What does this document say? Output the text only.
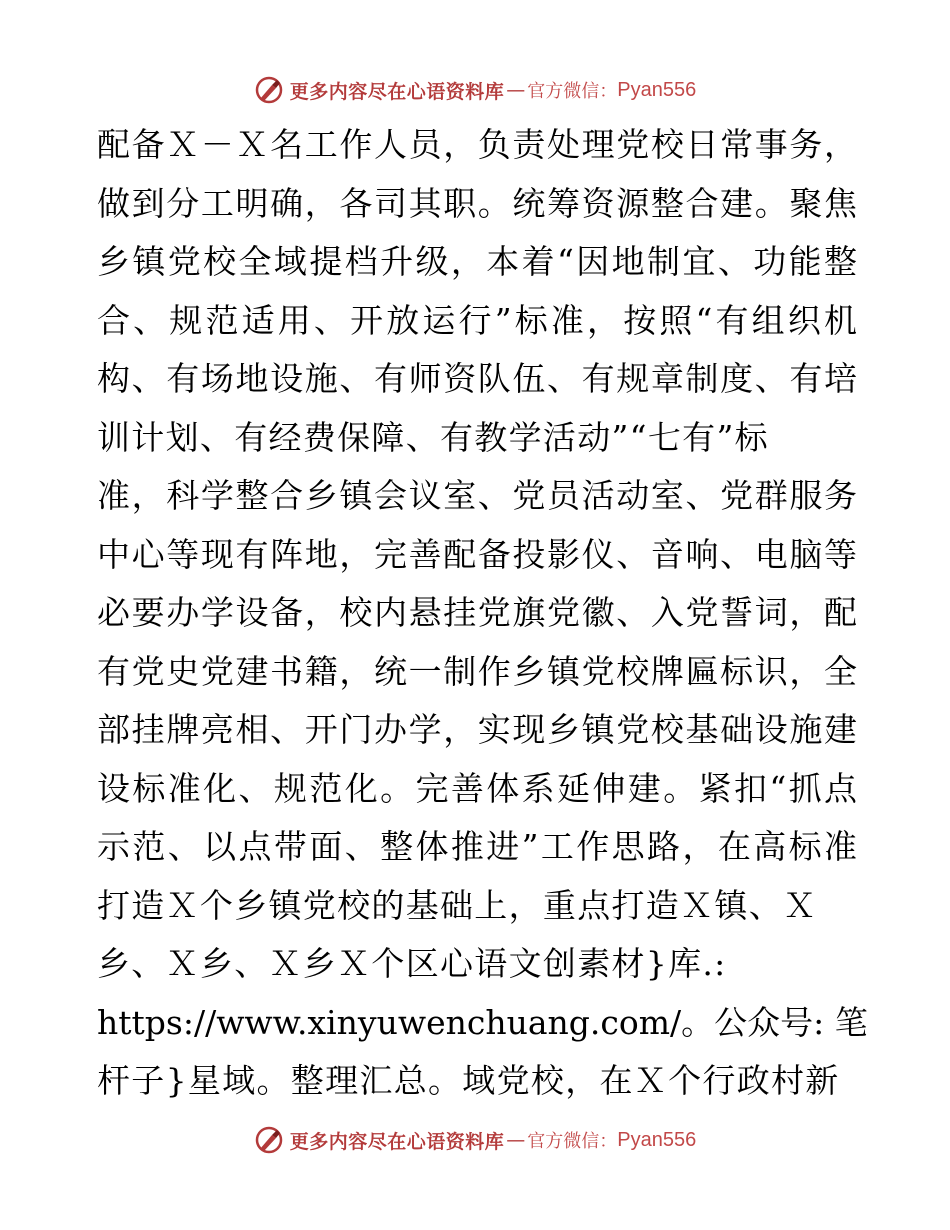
更多内容尽在心语资料库 — 官方微信： Pyan556
配备Ｘ－Ｘ名工作人员，负责处理党校日常事务，
做到分工明确，各司其职。统筹资源整合建。聚焦
乡镇党校全域提档升级，本着“因地制宜、功能整
合、规范适用、开放运行”标准，按照“有组织机
构、有场地设施、有师资队伍、有规章制度、有培
训计划、有经费保障、有教学活动”“七有”标
准，科学整合乡镇会议室、党员活动室、党群服务
中心等现有阵地，完善配备投影仪、音响、电脑等
必要办学设备，校内悬挂党旗党徽、入党誓词，配
有党史党建书籍，统一制作乡镇党校牌匾标识，全
部挂牌亮相、开门办学，实现乡镇党校基础设施建
设标准化、规范化。完善体系延伸建。紧扣“抓点
示范、以点带面、整体推进”工作思路，在高标准
打造Ｘ个乡镇党校的基础上，重点打造Ｘ镇、Ｘ
乡、Ｘ乡、Ｘ乡Ｘ个区心语文创素材}库.:
https://www.xinyuwenchuang.com/。公众号: 笔
杆子}星域。整理汇总。域党校，在Ｘ个行政村新
更多内容尽在心语资料库 — 官方微信： Pyan556
